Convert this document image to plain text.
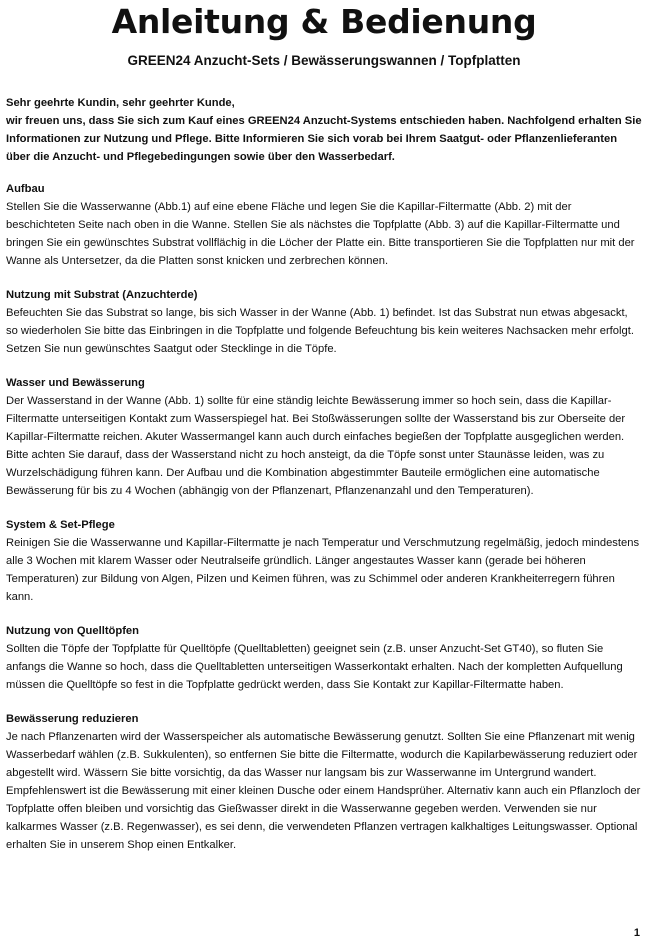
Anleitung & Bedienung
GREEN24 Anzucht-Sets / Bewässerungswannen / Topfplatten
Sehr geehrte Kundin, sehr geehrter Kunde,
wir freuen uns, dass Sie sich zum Kauf eines GREEN24 Anzucht-Systems entschieden haben. Nachfolgend erhalten Sie Informationen zur Nutzung und Pflege. Bitte Informieren Sie sich vorab bei Ihrem Saatgut- oder Pflanzenlieferanten über die Anzucht- und Pflegebedingungen sowie über den Wasserbedarf.
Aufbau

Stellen Sie die Wasserwanne (Abb.1) auf eine ebene Fläche und legen Sie die Kapillar-Filtermatte (Abb. 2) mit der beschichteten Seite nach oben in die Wanne. Stellen Sie als nächstes die Topfplatte (Abb. 3) auf die Kapillar-Filtermatte und bringen Sie ein gewünschtes Substrat vollflächig in die Löcher der Platte ein. Bitte transportieren Sie die Topfplatten nur mit der Wanne als Untersetzer, da die Platten sonst knicken und zerbrechen können.

Nutzung mit Substrat (Anzuchterde)

Befeuchten Sie das Substrat so lange, bis sich Wasser in der Wanne (Abb. 1) befindet. Ist das Substrat nun etwas abgesackt, so wiederholen Sie bitte das Einbringen in die Topfplatte und folgende Befeuchtung bis kein weiteres Nachsacken mehr erfolgt. Setzen Sie nun gewünschtes Saatgut oder Stecklinge in die Töpfe.

Wasser und Bewässerung

Der Wasserstand in der Wanne (Abb. 1) sollte für eine ständig leichte Bewässerung immer so hoch sein, dass die Kapillar-Filtermatte unterseitigen Kontakt zum Wasserspiegel hat. Bei Stoßwässerungen sollte der Wasserstand bis zur Oberseite der Kapillar-Filtermatte reichen. Akuter Wassermangel kann auch durch einfaches begießen der Topfplatte ausgeglichen werden. Bitte achten Sie darauf, dass der Wasserstand nicht zu hoch ansteigt, da die Töpfe sonst unter Staunässe leiden, was zu Wurzelschädigung führen kann. Der Aufbau und die Kombination abgestimmter Bauteile ermöglichen eine automatische Bewässerung für bis zu 4 Wochen (abhängig von der Pflanzenart, Pflanzenanzahl und den Temperaturen).

System & Set-Pflege

Reinigen Sie die Wasserwanne und Kapillar-Filtermatte je nach Temperatur und Verschmutzung regelmäßig, jedoch mindestens alle 3 Wochen mit klarem Wasser oder Neutralseife gründlich. Länger angestautes Wasser kann (gerade bei höheren Temperaturen) zur Bildung von Algen, Pilzen und Keimen führen, was zu Schimmel oder anderen Krankheiterregern führen kann.

Nutzung von Quelltöpfen

Sollten die Töpfe der Topfplatte für Quelltöpfe (Quelltabletten) geeignet sein (z.B. unser Anzucht-Set GT40), so fluten Sie anfangs die Wanne so hoch, dass die Quelltabletten unterseitigen Wasserkontakt erhalten. Nach der kompletten Aufquellung müssen die Quelltöpfe so fest in die Topfplatte gedrückt werden, dass Sie Kontakt zur Kapillar-Filtermatte haben.

Bewässerung reduzieren

Je nach Pflanzenarten wird der Wasserspeicher als automatische Bewässerung genutzt. Sollten Sie eine Pflanzenart mit wenig Wasserbedarf wählen (z.B. Sukkulenten), so entfernen Sie bitte die Filtermatte, wodurch die Kapilarbewässerung reduziert oder abgestellt wird. Wässern Sie bitte vorsichtig, da das Wasser nur langsam bis zur Wasserwanne im Untergrund wandert. Empfehlenswert ist die Bewässerung mit einer kleinen Dusche oder einem Handsprüher. Alternativ kann auch ein Pflanzloch der Topfplatte offen bleiben und vorsichtig das Gießwasser direkt in die Wasserwanne gegeben werden. Verwenden sie nur kalkarmes Wasser (z.B. Regenwasser), es sei denn, die verwendeten Pflanzen vertragen kalkhaltiges Leitungswasser. Optional erhalten Sie in unserem Shop einen Entkalker.

1
